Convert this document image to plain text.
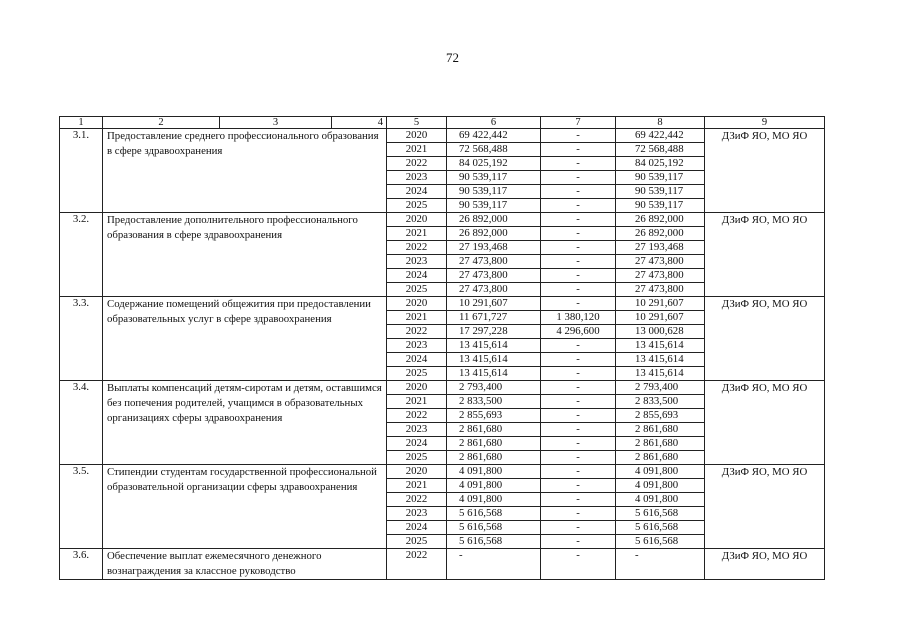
72
1	2	3	4	5	6	7	8	9
3.1.	Предоставление среднего профессионального образования в сфере здравоохранения			2020	69 422,442	-	69 422,442	ДЗиФ ЯО, МО ЯО
				2021	72 568,488	-	72 568,488	
				2022	84 025,192	-	84 025,192	
				2023	90 539,117	-	90 539,117	
				2024	90 539,117	-	90 539,117	
				2025	90 539,117	-	90 539,117	
3.2.	Предоставление дополнительного профессионального образования в сфере здравоохранения			2020	26 892,000	-	26 892,000	ДЗиФ ЯО, МО ЯО
				2021	26 892,000	-	26 892,000	
				2022	27 193,468	-	27 193,468	
				2023	27 473,800	-	27 473,800	
				2024	27 473,800	-	27 473,800	
				2025	27 473,800	-	27 473,800	
3.3.	Содержание помещений общежития при предоставлении образовательных услуг в сфере здравоохранения			2020	10 291,607	-	10 291,607	ДЗиФ ЯО, МО ЯО
				2021	11 671,727	1 380,120	10 291,607	
				2022	17 297,228	4 296,600	13 000,628	
				2023	13 415,614	-	13 415,614	
				2024	13 415,614	-	13 415,614	
				2025	13 415,614	-	13 415,614	
3.4.	Выплаты компенсаций детям-сиротам и детям, оставшимся без попечения родителей, учащимся в образовательных организациях сферы здравоохранения			2020	2 793,400	-	2 793,400	ДЗиФ ЯО, МО ЯО
				2021	2 833,500	-	2 833,500	
				2022	2 855,693	-	2 855,693	
				2023	2 861,680	-	2 861,680	
				2024	2 861,680	-	2 861,680	
				2025	2 861,680	-	2 861,680	
3.5.	Стипендии студентам государственной профессиональной образовательной организации сферы здравоохранения			2020	4 091,800	-	4 091,800	ДЗиФ ЯО, МО ЯО
				2021	4 091,800	-	4 091,800	
				2022	4 091,800	-	4 091,800	
				2023	5 616,568	-	5 616,568	
				2024	5 616,568	-	5 616,568	
				2025	5 616,568	-	5 616,568	
3.6.	Обеспечение выплат ежемесячного денежного вознаграждения за классное руководство			2022	-	-	-	ДЗиФ ЯО, МО ЯО
